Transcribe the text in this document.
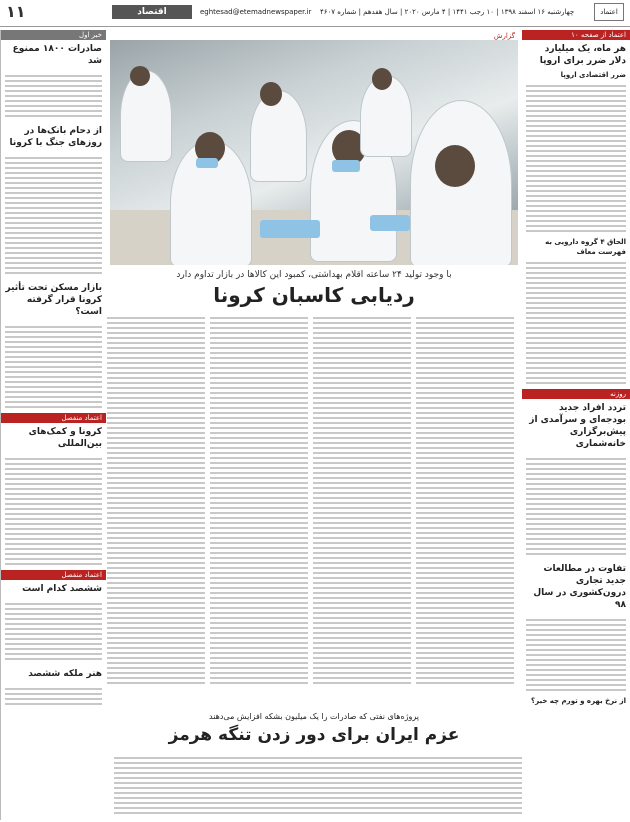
۱۱	اقتصاد	eghtesad@etemadnewspaper.ir چهارشنبه ۱۶ اسفند ۱۳۹۸ | ۱۰ رجب ۱۴۴۱ | ۴ مارس ۲۰۲۰ | سال هفدهم | شماره ۴۶۰۷	اعتماد
اعتماد از صفحه ۱۰
هر ماه، یک میلیارد دلار ضرر برای اروپا
ضرر اقتصادی اروپا
الحاق ۴ گروه دارویی به فهرست معاف
روزنه
تردد افراد جدید بودجه‌ای و سرآمدی از پیش‌برگزاری خانه‌شماری
تفاوت در مطالعات جدید تجاری درون‌کشوری در سال ۹۸
از نرخ بهره و تورم چه خبر؟
خبر اول
صادرات ۱۸۰۰ ممنوع شد
از دحام بانک‌ها در روزهای جنگ با کرونا
بازار مسکن تحت تأثیر کرونا قرار گرفته است؟
اعتماد منفصل
کرونا و کمک‌های بین‌المللی
اعتماد منفصل
ششصد کدام است
هنر ملکه ششصد
گزارش
با وجود تولید ۲۴ ساعته اقلام بهداشتی، کمبود این کالاها در بازار تداوم دارد
ردیابی کاسبان کرونا
پروژه‌های نفتی که صادرات را یک میلیون بشکه افزایش می‌دهند
عزم ایران برای دور زدن تنگه هرمز
